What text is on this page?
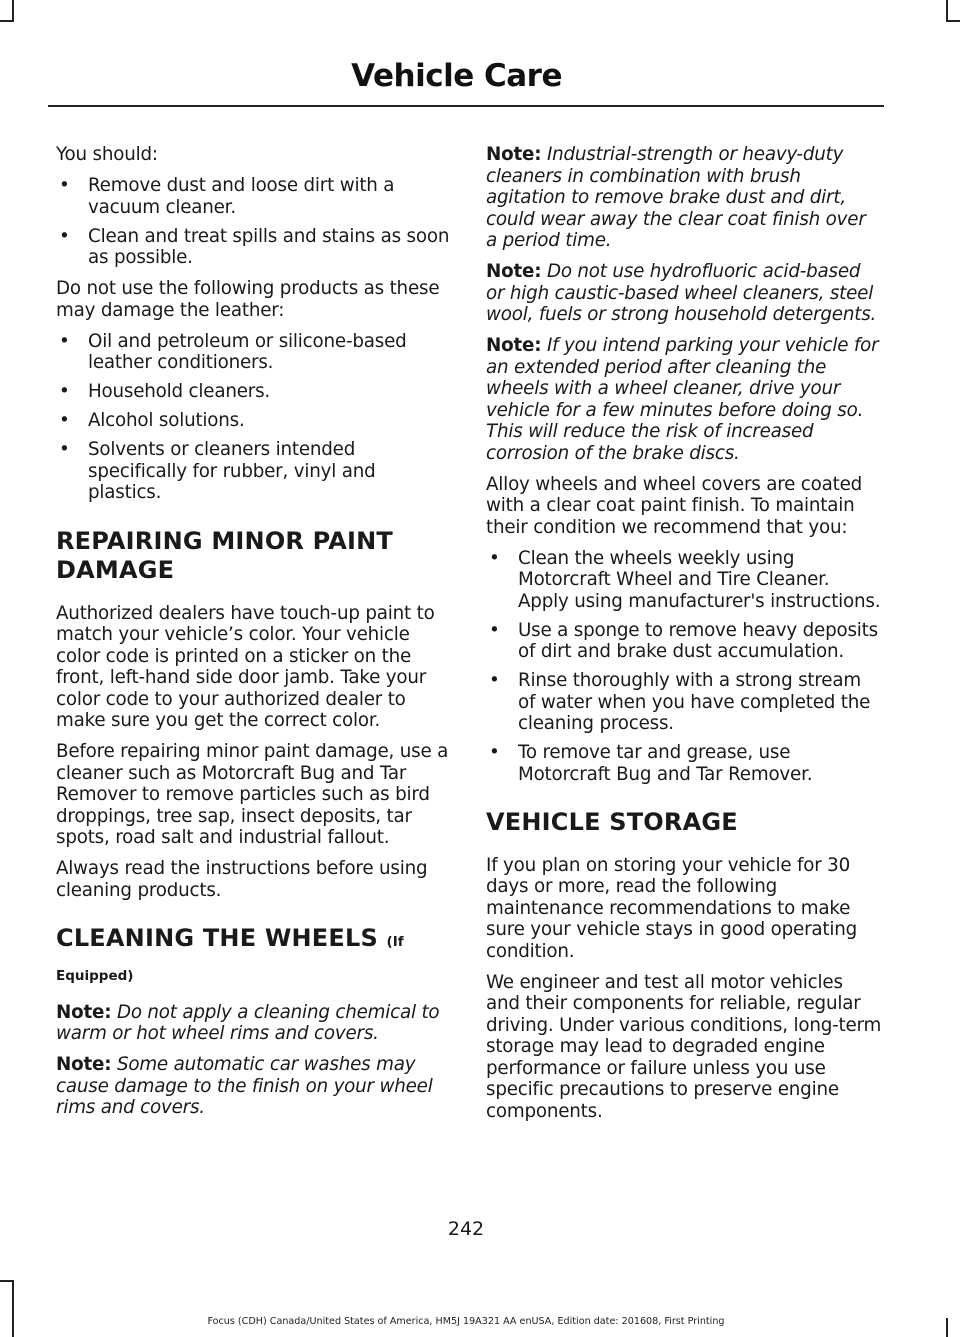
Vehicle Care

You should:

• Remove dust and loose dirt with a vacuum cleaner.
• Clean and treat spills and stains as soon as possible.

Do not use the following products as these may damage the leather:

• Oil and petroleum or silicone-based leather conditioners.
• Household cleaners.
• Alcohol solutions.
• Solvents or cleaners intended specifically for rubber, vinyl and plastics.
REPAIRING MINOR PAINT DAMAGE

Authorized dealers have touch-up paint to match your vehicle’s color. Your vehicle color code is printed on a sticker on the front, left-hand side door jamb. Take your color code to your authorized dealer to make sure you get the correct color.

Before repairing minor paint damage, use a cleaner such as Motorcraft Bug and Tar Remover to remove particles such as bird droppings, tree sap, insect deposits, tar spots, road salt and industrial fallout.

Always read the instructions before using cleaning products.

CLEANING THE WHEELS (If
Equipped)

Note: Do not apply a cleaning chemical to warm or hot wheel rims and covers.

Note: Some automatic car washes may cause damage to the finish on your wheel rims and covers.

Note: Industrial-strength or heavy-duty cleaners in combination with brush agitation to remove brake dust and dirt, could wear away the clear coat finish over a period time.

Note: Do not use hydrofluoric acid-based or high caustic-based wheel cleaners, steel wool, fuels or strong household detergents.

Note: If you intend parking your vehicle for an extended period after cleaning the wheels with a wheel cleaner, drive your vehicle for a few minutes before doing so. This will reduce the risk of increased corrosion of the brake discs.

Alloy wheels and wheel covers are coated with a clear coat paint finish. To maintain their condition we recommend that you:

• Clean the wheels weekly using Motorcraft Wheel and Tire Cleaner. Apply using manufacturer's instructions.
• Use a sponge to remove heavy deposits of dirt and brake dust accumulation.
• Rinse thoroughly with a strong stream of water when you have completed the cleaning process.
• To remove tar and grease, use Motorcraft Bug and Tar Remover.
VEHICLE STORAGE

If you plan on storing your vehicle for 30 days or more, read the following maintenance recommendations to make sure your vehicle stays in good operating condition.

We engineer and test all motor vehicles and their components for reliable, regular driving. Under various conditions, long-term storage may lead to degraded engine performance or failure unless you use specific precautions to preserve engine components.

242

Focus (CDH) Canada/United States of America, HM5J 19A321 AA enUSA, Edition date: 201608, First Printing
